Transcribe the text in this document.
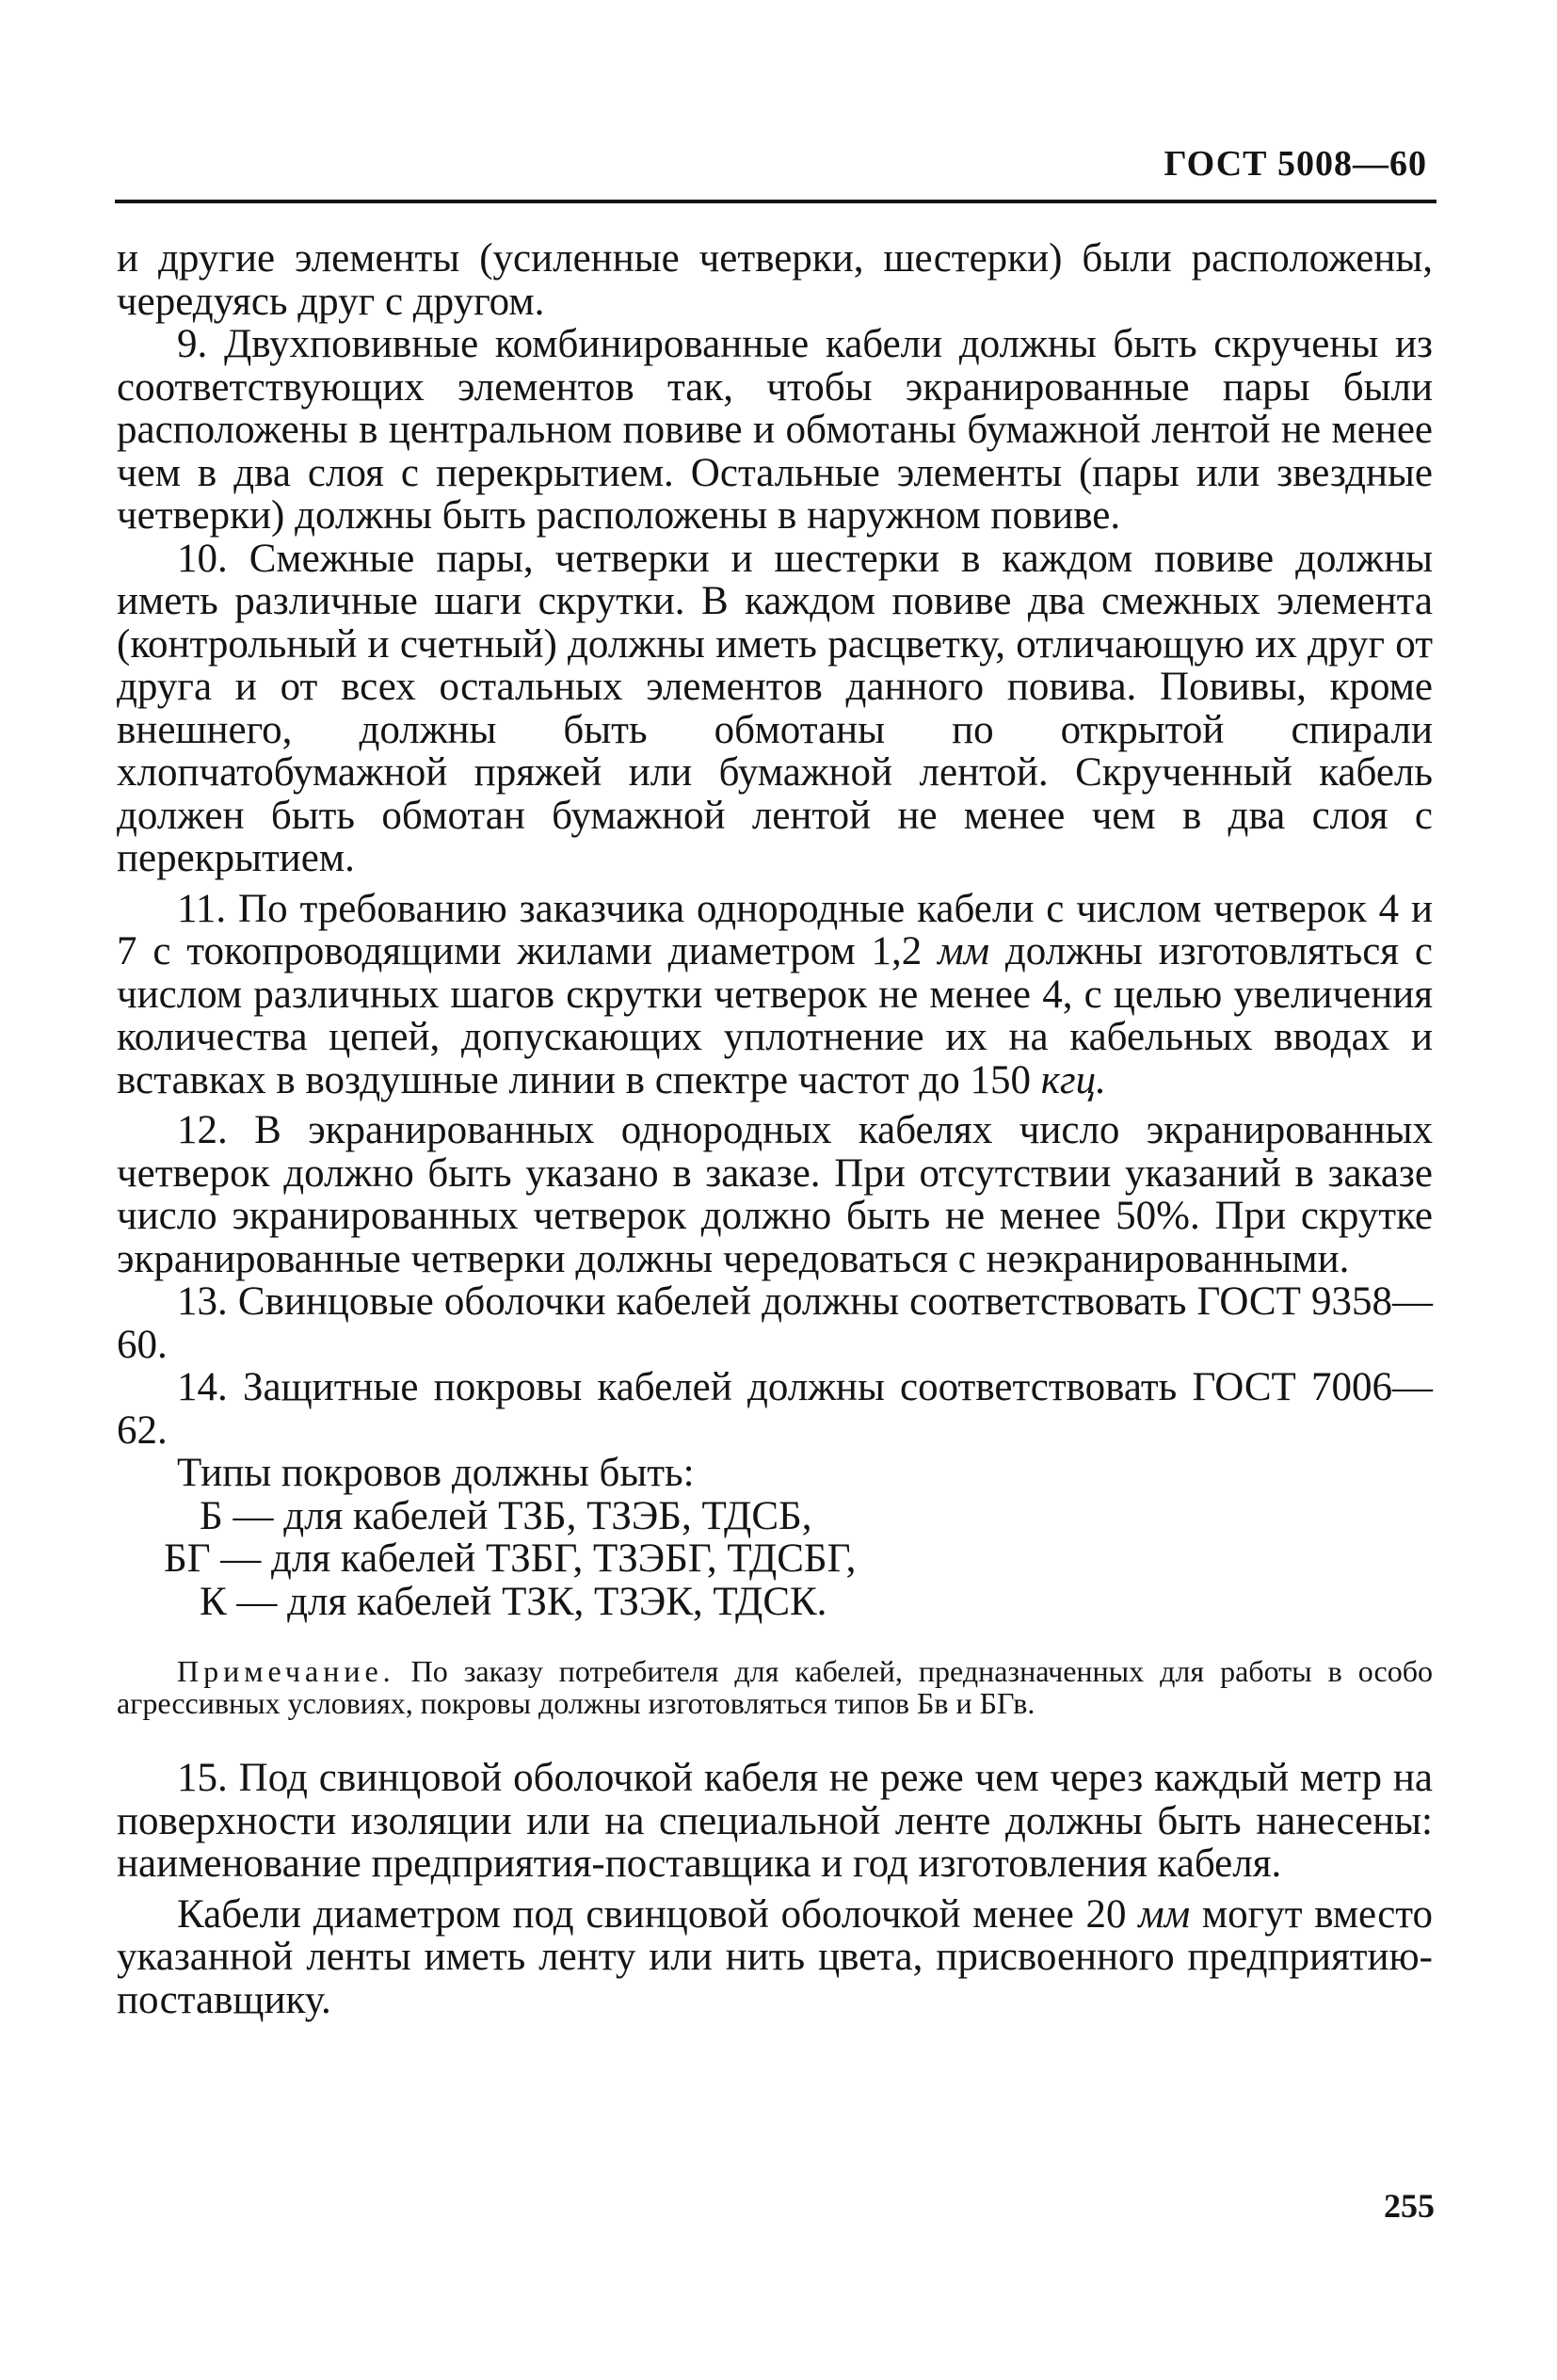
ГОСТ 5008—60

и другие элементы (усиленные четверки, шестерки) были расположены, чередуясь друг с другом.

9. Двухповивные комбинированные кабели должны быть скручены из соответствующих элементов так, чтобы экранированные пары были расположены в центральном повиве и обмотаны бумажной лентой не менее чем в два слоя с перекрытием. Остальные элементы (пары или звездные четверки) должны быть расположены в наружном повиве.

10. Смежные пары, четверки и шестерки в каждом повиве должны иметь различные шаги скрутки. В каждом повиве два смежных элемента (контрольный и счетный) должны иметь расцветку, отличающую их друг от друга и от всех остальных элементов данного повива. Повивы, кроме внешнего, должны быть обмотаны по открытой спирали хлопчатобумажной пряжей или бумажной лентой. Скрученный кабель должен быть обмотан бумажной лентой не менее чем в два слоя с перекрытием.

11. По требованию заказчика однородные кабели с числом четверок 4 и 7 с токопроводящими жилами диаметром 1,2 мм должны изготовляться с числом различных шагов скрутки четверок не менее 4, с целью увеличения количества цепей, допускающих уплотнение их на кабельных вводах и вставках в воздушные линии в спектре частот до 150 кгц.

12. В экранированных однородных кабелях число экранированных четверок должно быть указано в заказе. При отсутствии указаний в заказе число экранированных четверок должно быть не менее 50%. При скрутке экранированные четверки должны чередоваться с неэкранированными.

13. Свинцовые оболочки кабелей должны соответствовать ГОСТ 9358—60.

14. Защитные покровы кабелей должны соответствовать ГОСТ 7006—62.

Типы покровов должны быть:

Б — для кабелей ТЗБ, ТЗЭБ, ТДСБ,
БГ — для кабелей ТЗБГ, ТЗЭБГ, ТДСБГ,
К — для кабелей ТЗК, ТЗЭК, ТДСК.

Примечание. По заказу потребителя для кабелей, предназначенных для работы в особо агрессивных условиях, покровы должны изготовляться типов Бв и БГв.

15. Под свинцовой оболочкой кабеля не реже чем через каждый метр на поверхности изоляции или на специальной ленте должны быть нанесены: наименование предприятия-поставщика и год изготовления кабеля.

Кабели диаметром под свинцовой оболочкой менее 20 мм могут вместо указанной ленты иметь ленту или нить цвета, присвоенного предприятию-поставщику.

255
